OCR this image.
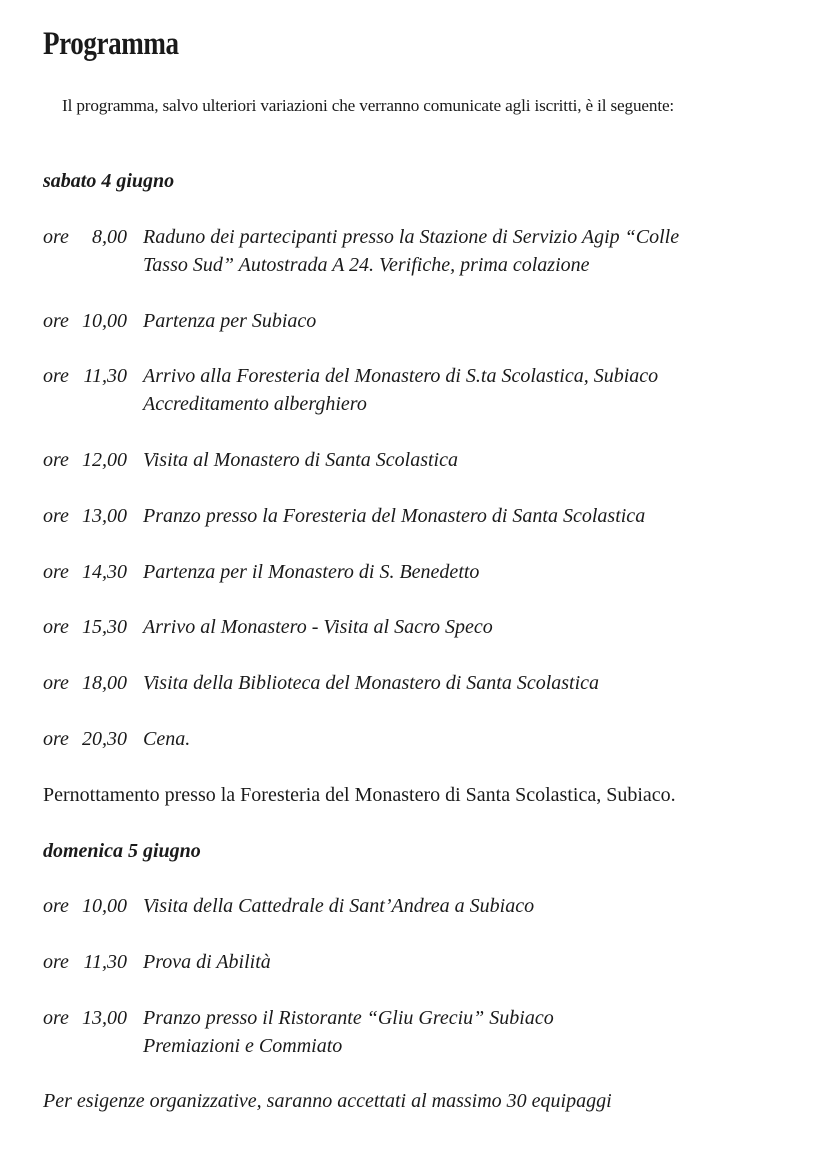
Programma
Il programma, salvo ulteriori variazioni che verranno comunicate agli iscritti, è il seguente:
sabato 4 giugno
ore 8,00 Raduno dei partecipanti presso la Stazione di Servizio Agip “Colle
Tasso Sud” Autostrada A 24. Verifiche, prima colazione
ore 10,00 Partenza per Subiaco
ore 11,30 Arrivo alla Foresteria del Monastero di S.ta Scolastica, Subiaco
Accreditamento alberghiero
ore 12,00 Visita al Monastero di Santa Scolastica
ore 13,00 Pranzo presso la Foresteria del Monastero di Santa Scolastica
ore 14,30 Partenza per il Monastero di S. Benedetto
ore 15,30 Arrivo al Monastero - Visita al Sacro Speco
ore 18,00 Visita della Biblioteca del Monastero di Santa Scolastica
ore 20,30 Cena.
Pernottamento presso la Foresteria del Monastero di Santa Scolastica, Subiaco.
domenica 5 giugno
ore 10,00 Visita della Cattedrale di Sant’Andrea a Subiaco
ore 11,30 Prova di Abilità
ore 13,00 Pranzo presso il Ristorante “Gliu Greciu” Subiaco
Premiazioni e Commiato
Per esigenze organizzative, saranno accettati al massimo 30 equipaggi
